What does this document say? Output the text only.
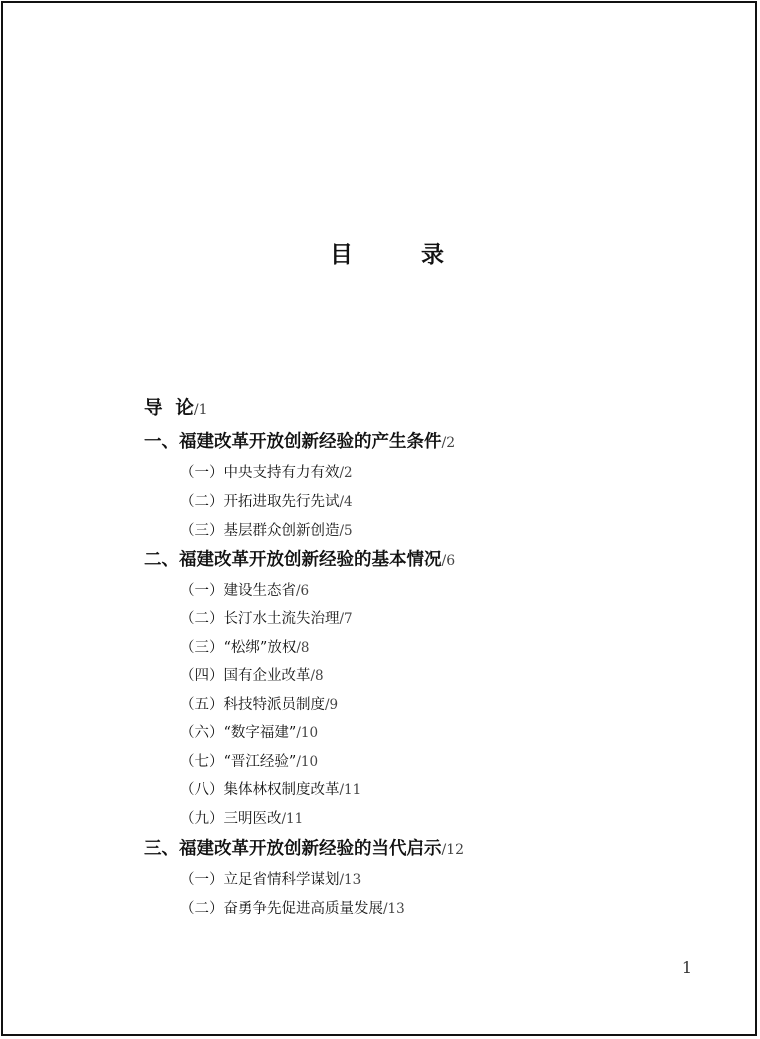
目 录
导  论/1
一、福建改革开放创新经验的产生条件/2
（一）中央支持有力有效/2
（二）开拓进取先行先试/4
（三）基层群众创新创造/5
二、福建改革开放创新经验的基本情况/6
（一）建设生态省/6
（二）长汀水土流失治理/7
（三）“松绑”放权/8
（四）国有企业改革/8
（五）科技特派员制度/9
（六）“数字福建”/10
（七）“晋江经验”/10
（八）集体林权制度改革/11
（九）三明医改/11
三、福建改革开放创新经验的当代启示/12
（一）立足省情科学谋划/13
（二）奋勇争先促进高质量发展/13
1
